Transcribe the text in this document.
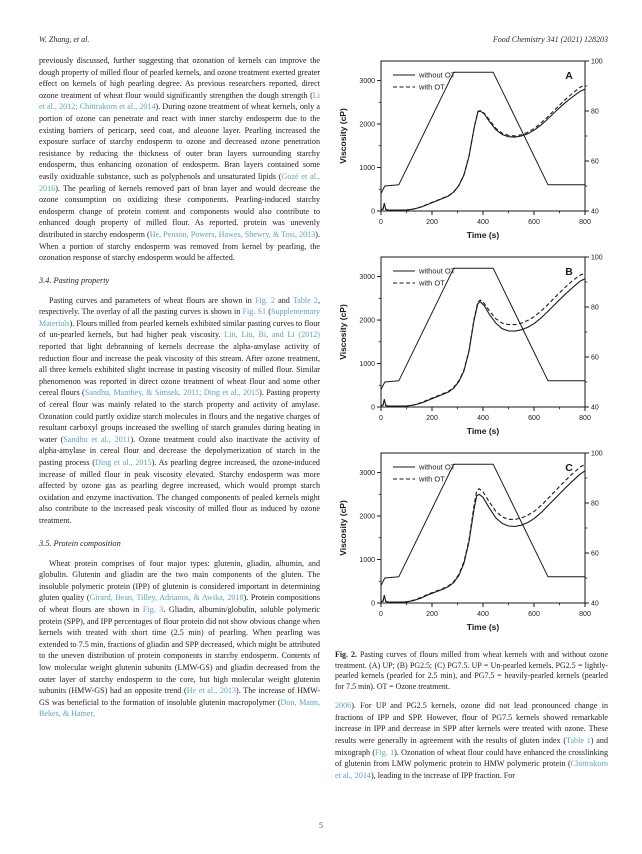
W. Zhang, et al.	Food Chemistry 341 (2021) 128203

previously discussed, further suggesting that ozonation of kernels can improve the dough property of milled flour of pearled kernels, and ozone treatment exerted greater effect on kernels of high pearling degree. As previous researchers reported, direct ozone treatment of wheat flour would significantly strengthen the dough strength (Li et al., 2012; Chittrakorn et al., 2014). During ozone treatment of wheat kernels, only a portion of ozone can penetrate and react with inner starchy endosperm due to the existing barriers of pericarp, seed coat, and aleuone layer. Pearling increased the exposure surface of starchy endosperm to ozone and decreased ozone penetration resistance by reducing the thickness of outer bran layers surrounding starchy endosperm, thus enhancing ozonation of endosperm. Bran layers contained some easily oxidizable substance, such as polyphenols and unsaturated lipids (Gozé et al., 2016). The pearling of kernels removed part of bran layer and would decrease the ozone consumption on oxidizing these components. Pearling-induced starchy endosperm change of protein content and components would also contribute to enhanced dough property of milled flour. As reported, protein was unevenly distributed in starchy endosperm (He, Penson, Powers, Hawes, Shewry, & Tosi, 2013). When a portion of starchy endosperm was removed from kernel by pearling, the ozonation response of starchy endosperm would be affected.

3.4. Pasting property

Pasting curves and parameters of wheat flours are shown in Fig. 2 and Table 2, respectively. The overlay of all the pasting curves is shown in Fig. S1 (Supplementary Materials). Flours milled from pearled kernels exhibited similar pasting curves to flour of un-pearled kernels, but had higher peak viscosity. Lin, Liu, Bi, and Li (2012) reported that light debranning of kernels decrease the alpha-amylase activity of reduction flour and increase the peak viscosity of this stream. After ozone treatment, all three kernels exhibited slight increase in pasting viscosity of milled flour. Similar phenomenon was reported in direct ozone treatment of wheat flour and some other cereal flours (Sandhu, Manthey, & Simsek, 2011; Ding et al., 2015). Pasting property of cereal flour was mainly related to the starch property and activity of amylase. Ozonation could partly oxidize starch molecules in flours and the negative charges of resultant carboxyl groups increased the swelling of starch granules during heating in water (Sandhu et al., 2011). Ozone treatment could also inactivate the activity of alpha-amylase in cereal flour and decrease the depolymerization of starch in the pasting process (Ding et al., 2015). As pearling degree increased, the ozone-induced increase of milled flour in peak viscosity elevated. Starchy endosperm was more affected by ozone gas as pearling degree increased, which would prompt starch oxidation and enzyme inactivation. The changed components of pealed kernels might also contribute to the increased peak viscosity of milled flour as induced by ozone treatment.

3.5. Protein composition

Wheat protein comprises of four major types: glutenin, gliadin, albumin, and globulin. Glutenin and gliadin are the two main components of the gluten. The insoluble polymeric protein (IPP) of glutenin is considered important in determining gluten quality (Girard, Bean, Tilley, Adrianos, & Awika, 2018). Protein compositions of wheat flours are shown in Fig. 3. Gliadin, albumin/globulin, soluble polymeric protein (SPP), and IPP percentages of flour protein did not show obvious change when kernels with treated with short time (2.5 min) of pearling. When pearling was extended to 7.5 min, fractions of gliadin and SPP decreased, which might be attributed to the uneven distribution of protein components in starchy endosperm. Contents of low molecular weight glutenin subunits (LMW-GS) and gliadin decreased from the outer layer of starchy endosperm to the core, but high molecular weight glutenin subunits (HMW-GS) had an opposite trend (He et al., 2013). The increase of HMW-GS was beneficial to the formation of insoluble glutenin macropolymer (Don, Mann, Bekes, & Hamer,

0	200	400	600	800
0
1000
2000
3000
40
60
80
100
without OT
with OT
A
Viscosity (cP)
Time (s)
0	200	400	600	800
0
1000
2000
3000
40
60
80
100
without OT
with OT
B
Viscosity (cP)
Time (s)
0	200	400	600	800
0
1000
2000
3000
40
60
80
100
without OT
with OT
C
Viscosity (cP)
Time (s)

Fig. 2. Pasting curves of flours milled from wheat kernels with and without ozone treatment. (A) UP; (B) PG2.5; (C) PG7.5. UP = Un-pearled kernels, PG2.5 = lightly-pearled kernels (pearled for 2.5 min), and PG7.5 = heavily-pearled kernels (pearled for 7.5 min). OT = Ozone treatment.

2006). For UP and PG2.5 kernels, ozone did not lead pronounced change in fractions of IPP and SPP. However, flour of PG7.5 kernels showed remarkable increase in IPP and decrease in SPP after kernels were treated with ozone. These results were generally in agreement with the results of gluten index (Table 1) and mixograph (Fig. 1). Ozonation of wheat flour could have enhanced the crosslinking of glutenin from LMW polymeric protein to HMW polymeric protein (Chittrakorn et al., 2014), leading to the increase of IPP fraction. For

5
